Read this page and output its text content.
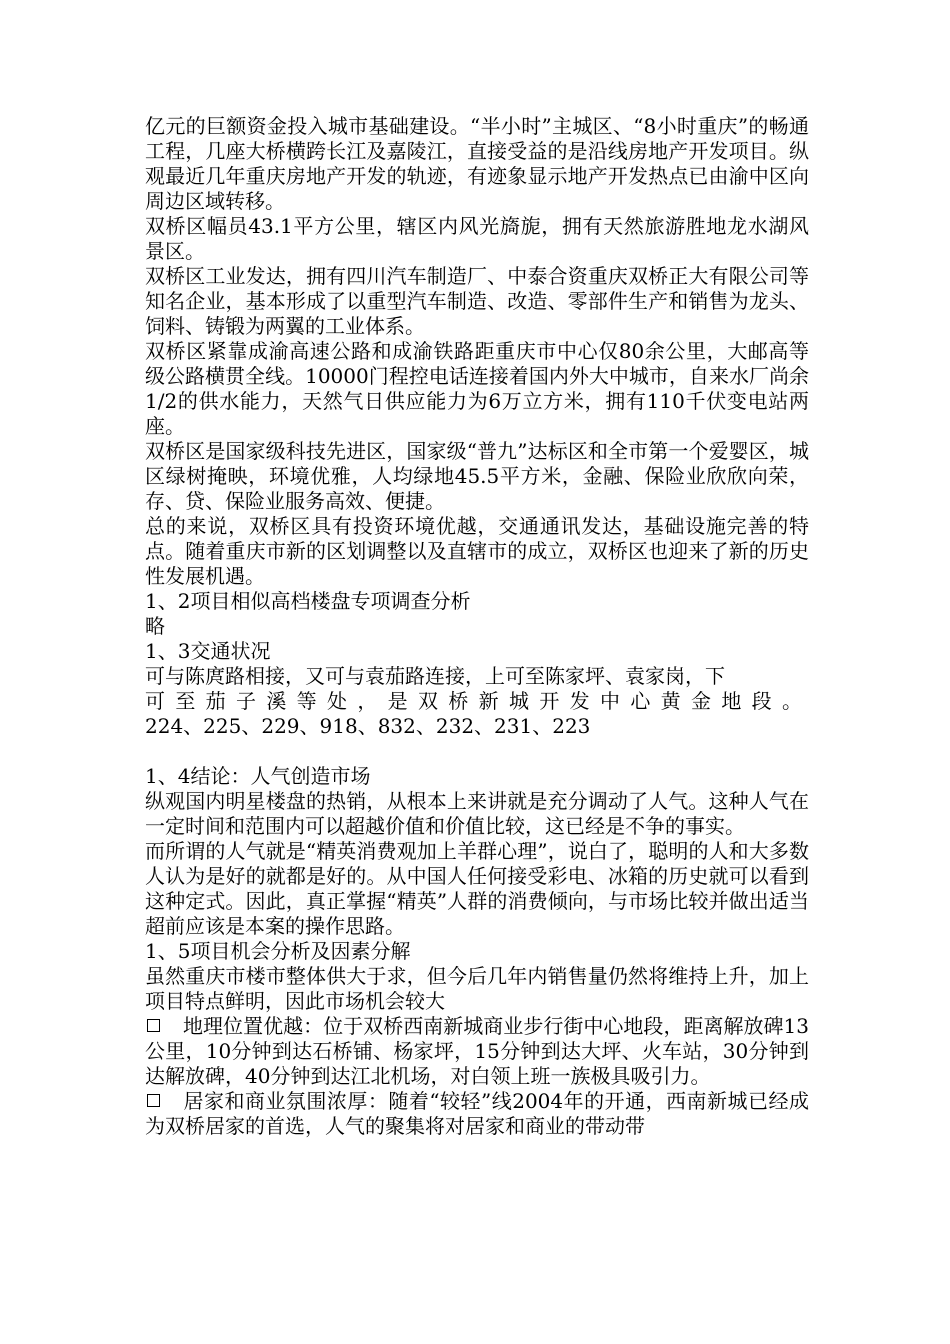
亿元的巨额资金投入城市基础建设。“半小时”主城区、“8小时重庆”的畅通工程，几座大桥横跨长江及嘉陵江，直接受益的是沿线房地产开发项目。纵观最近几年重庆房地产开发的轨迹，有迹象显示地产开发热点已由渝中区向周边区域转移。

双桥区幅员43.1平方公里，辖区内风光旖旎，拥有天然旅游胜地龙水湖风景区。

双桥区工业发达，拥有四川汽车制造厂、中泰合资重庆双桥正大有限公司等知名企业，基本形成了以重型汽车制造、改造、零部件生产和销售为龙头、饲料、铸锻为两翼的工业体系。

双桥区紧靠成渝高速公路和成渝铁路距重庆市中心仅80余公里，大邮高等级公路横贯全线。10000门程控电话连接着国内外大中城市，自来水厂尚余1/2的供水能力，天然气日供应能力为6万立方米，拥有110千伏变电站两座。

双桥区是国家级科技先进区，国家级“普九”达标区和全市第一个爱婴区，城区绿树掩映，环境优雅，人均绿地45.5平方米，金融、保险业欣欣向荣，存、贷、保险业服务高效、便捷。

总的来说，双桥区具有投资环境优越，交通通讯发达，基础设施完善的特点。随着重庆市新的区划调整以及直辖市的成立，双桥区也迎来了新的历史性发展机遇。

1、2项目相似高档楼盘专项调查分析

略

1、3交通状况

可与陈庹路相接，又可与袁茄路连接，上可至陈家坪、袁家岗，下

可至茄子溪等处，是双桥新城开发中心黄金地段。

224、225、229、918、832、232、231、223

1、4结论：人气创造市场

纵观国内明星楼盘的热销，从根本上来讲就是充分调动了人气。这种人气在一定时间和范围内可以超越价值和价值比较，这已经是不争的事实。

而所谓的人气就是“精英消费观加上羊群心理”，说白了，聪明的人和大多数人认为是好的就都是好的。从中国人任何接受彩电、冰箱的历史就可以看到这种定式。因此，真正掌握“精英”人群的消费倾向，与市场比较并做出适当超前应该是本案的操作思路。

1、5项目机会分析及因素分解

虽然重庆市楼市整体供大于求，但今后几年内销售量仍然将维持上升，加上项目特点鲜明，因此市场机会较大

地理位置优越：位于双桥西南新城商业步行街中心地段，距离解放碑13公里，10分钟到达石桥铺、杨家坪，15分钟到达大坪、火车站，30分钟到达解放碑，40分钟到达江北机场，对白领上班一族极具吸引力。

居家和商业氛围浓厚：随着“较轻”线2004年的开通，西南新城已经成为双桥居家的首选，人气的聚集将对居家和商业的带动带
